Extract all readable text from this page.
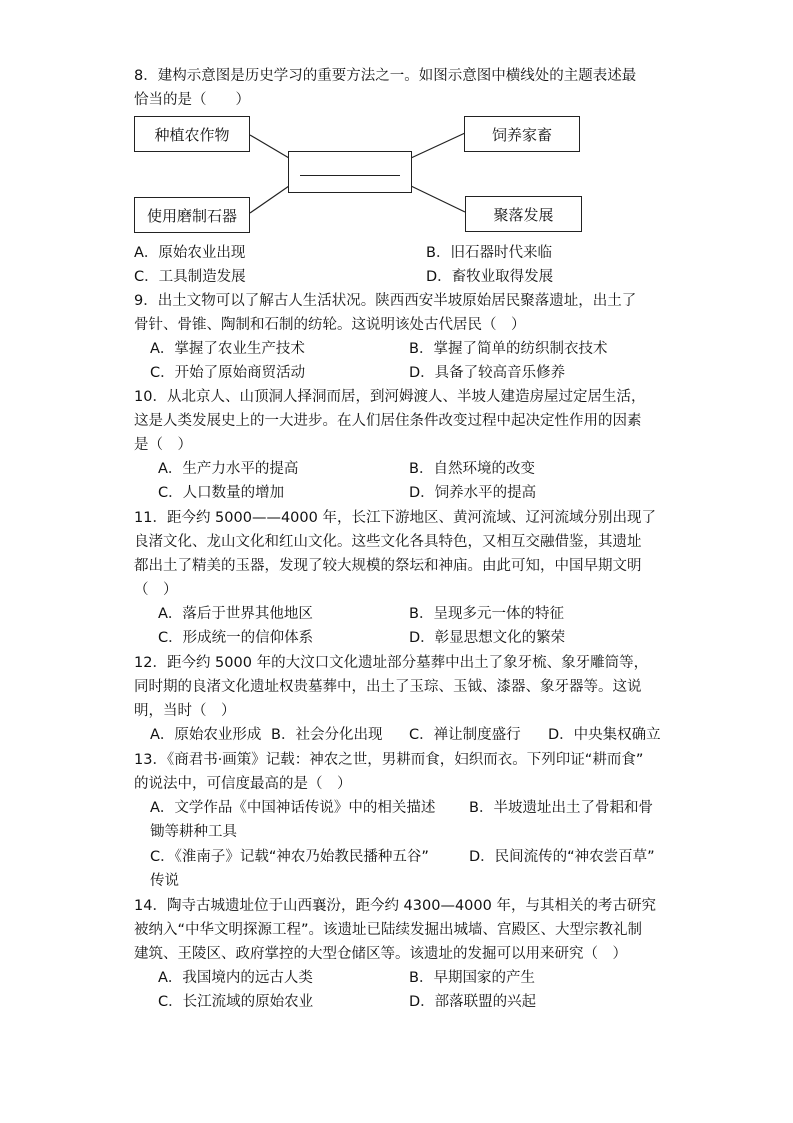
8．建构示意图是历史学习的重要方法之一。如图示意图中横线处的主题表述最
恰当的是（　　）
种植农作物	饲养家畜
使用磨制石器	聚落发展
A．原始农业出现	B．旧石器时代来临
C．工具制造发展	D．畜牧业取得发展
9．出土文物可以了解古人生活状况。陕西西安半坡原始居民聚落遗址，出土了
骨针、骨锥、陶制和石制的纺轮。这说明该处古代居民（　）
A．掌握了农业生产技术	B．掌握了简单的纺织制衣技术
C．开始了原始商贸活动	D．具备了较高音乐修养
10．从北京人、山顶洞人择洞而居，到河姆渡人、半坡人建造房屋过定居生活，
这是人类发展史上的一大进步。在人们居住条件改变过程中起决定性作用的因素
是（　）
A．生产力水平的提高	B．自然环境的改变
C．人口数量的增加	D．饲养水平的提高
11．距今约 5000——4000 年，长江下游地区、黄河流域、辽河流域分别出现了
良渚文化、龙山文化和红山文化。这些文化各具特色，又相互交融借鉴，其遗址
都出土了精美的玉器，发现了较大规模的祭坛和神庙。由此可知，中国早期文明
（　）
A．落后于世界其他地区	B．呈现多元一体的特征
C．形成统一的信仰体系	D．彰显思想文化的繁荣
12．距今约 5000 年的大汶口文化遗址部分墓葬中出土了象牙梳、象牙雕筒等，
同时期的良渚文化遗址权贵墓葬中，出土了玉琮、玉钺、漆器、象牙器等。这说
明，当时（　）
A．原始农业形成 B．社会分化出现 C．禅让制度盛行 D．中央集权确立
13．《商君书·画策》记载：神农之世，男耕而食，妇织而衣。下列印证“耕而食”
的说法中，可信度最高的是（　）
A．文学作品《中国神话传说》中的相关描述 B．半坡遗址出土了骨耜和骨
锄等耕种工具
C．《淮南子》记载“神农乃始教民播种五谷”	D．民间流传的“神农尝百草”
传说
14．陶寺古城遗址位于山西襄汾，距今约 4300—4000 年，与其相关的考古研究
被纳入“中华文明探源工程”。该遗址已陆续发掘出城墙、宫殿区、大型宗教礼制
建筑、王陵区、政府掌控的大型仓储区等。该遗址的发掘可以用来研究（　）
A．我国境内的远古人类	B．早期国家的产生
C．长江流域的原始农业	D．部落联盟的兴起
